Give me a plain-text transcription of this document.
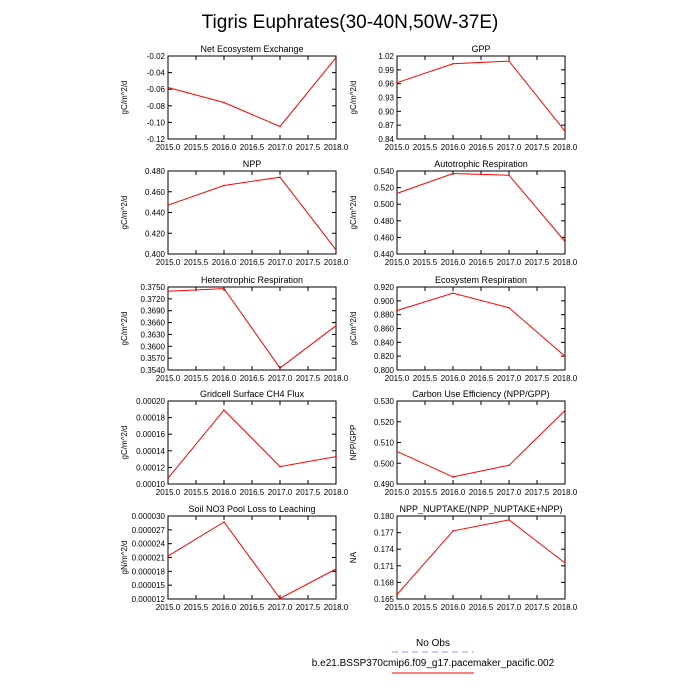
Tigris Euphrates(30-40N,50W-37E)
Net Ecosystem Exchange
2015.0 2015.5 2016.0 2016.5 2017.0 2017.5 2018.0
-0.12
-0.10
-0.08
-0.06
-0.04
-0.02
gC/m^2/d
GPP
2015.0 2015.5 2016.0 2016.5 2017.0 2017.5 2018.0
0.84
0.87
0.90
0.93
0.96
0.99
1.02
gC/m^2/d
NPP
2015.0 2015.5 2016.0 2016.5 2017.0 2017.5 2018.0
0.400
0.420
0.440
0.460
0.480
gC/m^2/d
Autotrophic Respiration
2015.0 2015.5 2016.0 2016.5 2017.0 2017.5 2018.0
0.440
0.460
0.480
0.500
0.520
0.540
gC/m^2/d
Heterotrophic Respiration
2015.0 2015.5 2016.0 2016.5 2017.0 2017.5 2018.0
0.3540
0.3570
0.3600
0.3630
0.3660
0.3690
0.3720
0.3750
gC/m^2/d
Ecosystem Respiration
2015.0 2015.5 2016.0 2016.5 2017.0 2017.5 2018.0
0.800
0.820
0.840
0.860
0.880
0.900
0.920
gC/m^2/d
Gridcell Surface CH4 Flux
2015.0 2015.5 2016.0 2016.5 2017.0 2017.5 2018.0
0.00010
0.00012
0.00014
0.00016
0.00018
0.00020
gC/m^2/d
Carbon Use Efficiency (NPP/GPP)
2015.0 2015.5 2016.0 2016.5 2017.0 2017.5 2018.0
0.490
0.500
0.510
0.520
0.530
NPP/GPP
Soil NO3 Pool Loss to Leaching
2015.0 2015.5 2016.0 2016.5 2017.0 2017.5 2018.0
0.000012
0.000015
0.000018
0.000021
0.000024
0.000027
0.000030
gN/m^2/d
NPP_NUPTAKE/(NPP_NUPTAKE+NPP)
2015.0 2015.5 2016.0 2016.5 2017.0 2017.5 2018.0
0.165
0.168
0.171
0.174
0.177
0.180
NA
No Obs
b.e21.BSSP370cmip6.f09_g17.pacemaker_pacific.002
